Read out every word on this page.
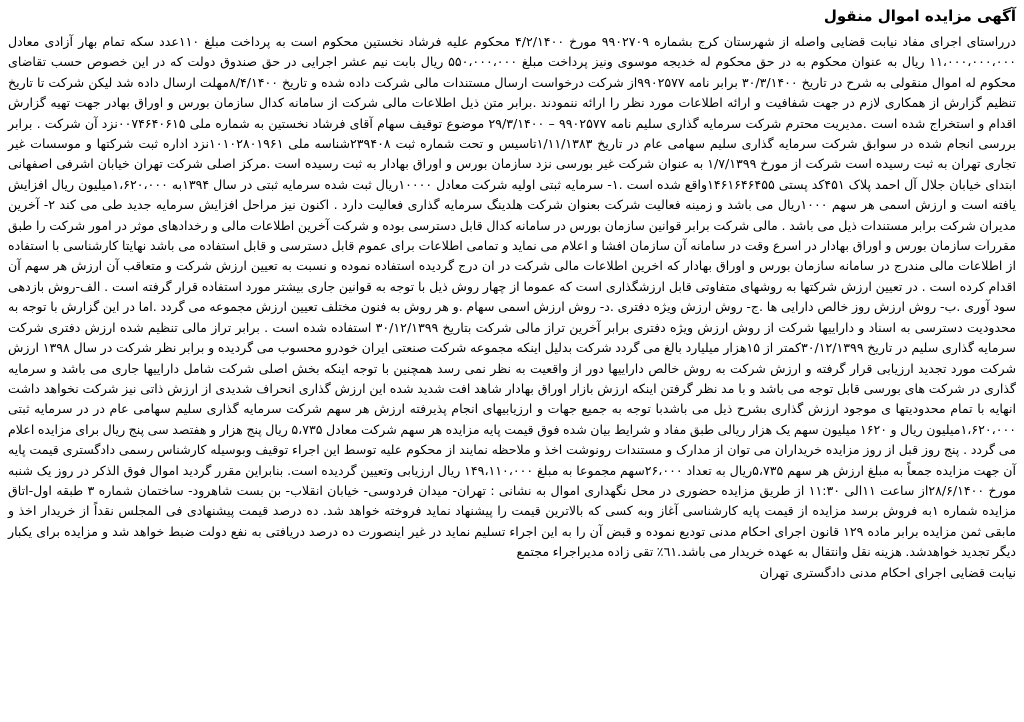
آگهی مزایده اموال منقول

درراستای اجرای مفاد نیابت قضایی واصله از شهرستان کرج بشماره ۹۹۰۲۷۰۹ مورخ ۴/۲/۱۴۰۰ محکوم علیه فرشاد نخستین محکوم است به پرداخت مبلغ ۱۱۰عدد سکه تمام بهار آزادی معادل ۱۱،۰۰۰،۰۰۰،۰۰۰ ریال به عنوان محکوم به در حق محکوم له خدیجه موسوی ونیز پرداخت مبلغ ۵۵۰،۰۰۰،۰۰۰ ریال بابت نیم عشر اجرایی در حق صندوق دولت که در این خصوص حسب تقاضای محکوم له اموال منقولی به شرح در تاریخ ۳۰/۳/۱۴۰۰ برابر نامه ۹۹۰۲۵۷۷از شرکت درخواست ارسال مستندات مالی شرکت داده شده و تاریخ ۸/۴/۱۴۰۰مهلت ارسال داده شد لیکن شرکت تا تاریخ تنظیم گزارش از همکاری لازم در جهت شفافیت و ارائه اطلاعات مورد نظر را ارائه ننمودند .برابر متن ذیل اطلاعات مالی شرکت از سامانه کدال سازمان بورس و اوراق بهادر جهت تهیه گزارش اقدام و استخراج شده است .مدیریت محترم شرکت سرمایه گذاری سلیم نامه ۹۹۰۲۵۷۷ – ۲۹/۳/۱۴۰۰ موضوع توقیف سهام آقای فرشاد نخستین به شماره ملی ۰۰۷۴۶۴۰۶۱۵نزد آن شرکت . برابر بررسی انجام شده در سوابق شرکت سرمایه گذاری سلیم سهامی عام در تاریخ ۱/۱۱/۱۳۸۳تاسیس و تحت شماره ثبت ۲۳۹۴۰۸شناسه ملی ۱۰۱۰۲۸۰۱۹۶۱نزد اداره ثبت شرکتها و موسسات غیر تجاری تهران به ثبت رسیده است شرکت از مورخ ۱/۷/۱۳۹۹ به عنوان شرکت غیر بورسی نزد سازمان بورس و اوراق بهادار به ثبت رسیده است .مرکز اصلی شرکت تهران خیابان اشرفی اصفهانی ابتدای خیابان جلال آل احمد پلاک ۴۵۱کد پستی ۱۴۶۱۶۴۶۴۵۵واقع شده است .۱- سرمایه ثبتی اولیه شرکت معادل ۱۰۰۰۰ریال ثبت شده سرمایه ثبتی در سال ۱۳۹۴به ۱،۶۲۰،۰۰۰میلیون ریال افزایش یافته است و ارزش اسمی هر سهم ۱۰۰۰ریال می باشد و زمینه فعالیت شرکت بعنوان شرکت هلدینگ سرمایه گذاری فعالیت دارد . اکنون نیز مراحل افزایش سرمایه جدید طی می کند ۲- آخرین مدیران شرکت برابر مستندات ذیل می باشد . مالی شرکت برابر قوانین سازمان بورس در سامانه کدال قابل دسترسی بوده و شرکت آخرین اطلاعات مالی و رخدادهای موثر در امور شرکت را طبق مقررات سازمان بورس و اوراق بهادار در اسرع وقت در سامانه آن سازمان افشا و اعلام می نماید و تمامی اطلاعات برای عموم قابل دسترسی و قابل استفاده می باشد نهایتا کارشناسی با استفاده از اطلاعات مالی مندرج در سامانه سازمان بورس و اوراق بهادار که اخرین اطلاعات مالی شرکت در ان درج گردیده استفاده نموده و نسبت به تعیین ارزش شرکت و متعاقب آن ارزش هر سهم آن اقدام کرده است . در تعیین ارزش شرکتها به روشهای متفاوتی قابل ارزشگذاری است که عموما از چهار روش ذیل با توجه به قوانین جاری بیشتر مورد استفاده قرار گرفته است . الف-روش بازدهی سود آوری .ب- روش ارزش روز خالص دارایی ها .ج- روش ارزش ویژه دفتری .د- روش ارزش اسمی سهام .و هر روش به فنون مختلف تعیین ارزش مجموعه می گردد .اما در این گزارش با توجه به محدودیت دسترسی به اسناد و داراییها شرکت از روش ارزش ویژه دفتری برابر آخرین تراز مالی شرکت بتاریخ ۳۰/۱۲/۱۳۹۹ استفاده شده است . برابر تراز مالی تنظیم شده ارزش دفتری شرکت سرمایه گذاری سلیم در تاریخ ۳۰/۱۲/۱۳۹۹کمتر از ۱۵هزار میلیارد بالغ می گردد شرکت بدلیل اینکه مجموعه شرکت صنعتی ایران خودرو محسوب می گردیده و برابر نظر شرکت در سال ۱۳۹۸ ارزش شرکت مورد تجدید ارزیابی قرار گرفته و ارزش شرکت به روش خالص داراییها دور از واقعیت به نظر نمی رسد همچنین با توجه اینکه بخش اصلی شرکت شامل داراییها جاری می باشد و سرمایه گذاری در شرکت های بورسی قابل توجه می باشد و با مد نظر گرفتن اینکه ارزش بازار اوراق بهادار شاهد افت شدید شده این ارزش گذاری انحراف شدیدی از ارزش ذاتی نیز شرکت نخواهد داشت انهایه با تمام محدودیتها ی موجود ارزش گذاری بشرح ذیل می باشدبا توجه به جمیع جهات و ارزیابیهای انجام پذیرفته ارزش هر سهم شرکت سرمایه گذاری سلیم سهامی عام در در سرمایه ثبتی ۱،۶۲۰،۰۰۰میلیون ریال و ۱۶۲۰ میلیون سهم یک هزار ریالی طبق مفاد و شرایط بیان شده فوق قیمت پایه مزایده هر سهم شرکت معادل ۵،۷۳۵ ریال پنج هزار و هفتصد سی پنج ریال برای مزایده اعلام می گردد . پنج روز قبل از روز مزایده خریداران می توان از مدارک و مستندات رونوشت اخذ و ملاحظه نمایند از محکوم علیه توسط این اجراء توقیف وبوسیله کارشناس رسمی دادگستری قیمت پایه آن جهت مزایده جمعاً به مبلغ ارزش هر سهم ۵،۷۳۵ریال به تعداد ۲۶،۰۰۰سهم مجموعا به مبلغ ۱۴۹،۱۱۰،۰۰۰ ریال ارزیابی وتعیین گردیده است. بنابراین مقرر گردید اموال فوق الذکر در روز یک شنبه مورخ ۲۸/۶/۱۴۰۰از ساعت ۱۱الی ۱۱:۳۰ از طریق مزایده حضوری در محل نگهداری اموال به نشانی : تهران- میدان فردوسی- خیابان انقلاب- بن بست شاهرود- ساختمان شماره ۳ طبقه اول-اتاق مزایده شماره ۱به فروش برسد مزایده از قیمت پایه کارشناسی آغاز وبه کسی که بالاترین قیمت را پیشنهاد نماید فروخته خواهد شد. ده درصد قیمت پیشنهادی فی المجلس نقداً از خریدار اخذ و مابقی ثمن مزایده برابر ماده ۱۲۹ قانون اجرای احکام مدنی تودیع نموده و قبض آن را به این اجراء تسلیم نماید در غیر اینصورت ده درصد دریافتی به نفع دولت ضبط خواهد شد و مزایده برای یکبار دیگر تجدید خواهدشد. هزینه نقل وانتقال به عهده خریدار می باشد.٦۱٪ تقی زاده مدیراجراء مجتمع

نیابت قضایی اجرای احکام مدنی دادگستری تهران
